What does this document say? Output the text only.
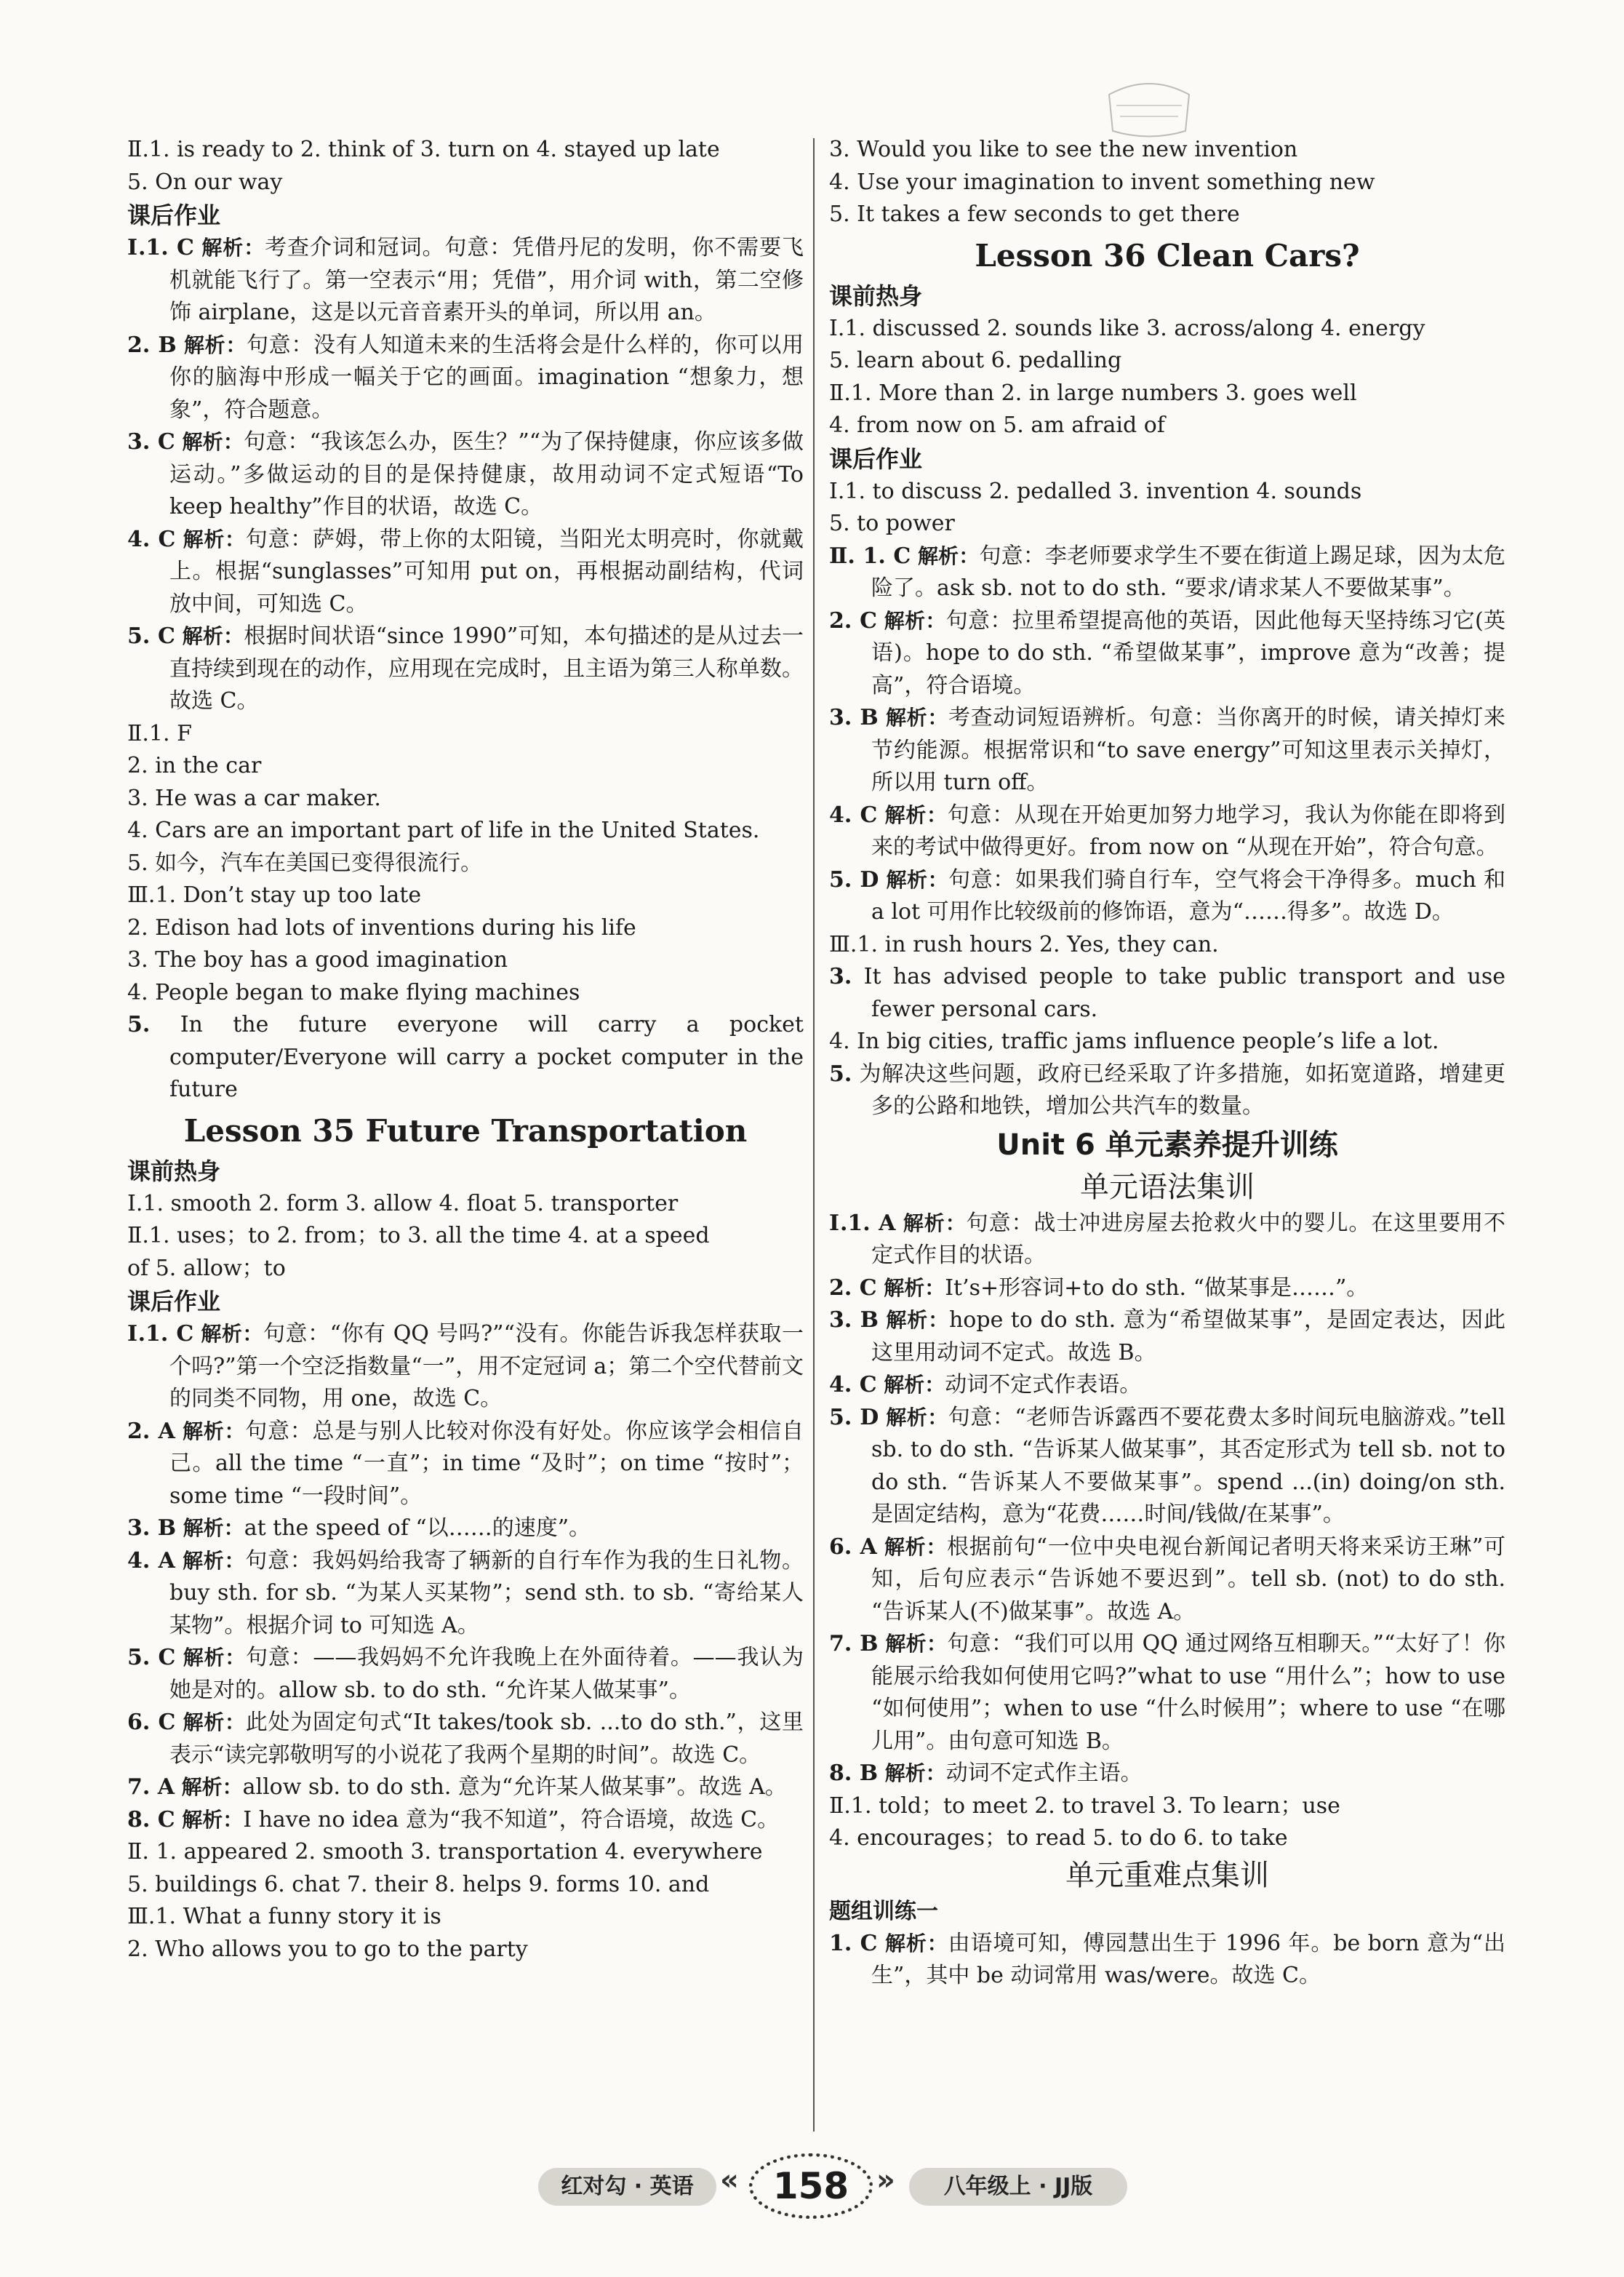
Ⅱ.1. is ready to 2. think of 3. turn on 4. stayed up late
5. On our way
课后作业
Ⅰ.1. C 解析：考查介词和冠词。句意：凭借丹尼的发明，你不需要飞机就能飞行了。第一空表示“用；凭借”，用介词 with，第二空修饰 airplane，这是以元音音素开头的单词，所以用 an。
2. B 解析：句意：没有人知道未来的生活将会是什么样的，你可以用你的脑海中形成一幅关于它的画面。imagination “想象力，想象”，符合题意。
3. C 解析：句意：“我该怎么办，医生？”“为了保持健康，你应该多做运动。”多做运动的目的是保持健康，故用动词不定式短语“To keep healthy”作目的状语，故选 C。
4. C 解析：句意：萨姆，带上你的太阳镜，当阳光太明亮时，你就戴上。根据“sunglasses”可知用 put on，再根据动副结构，代词放中间，可知选 C。
5. C 解析：根据时间状语“since 1990”可知，本句描述的是从过去一直持续到现在的动作，应用现在完成时，且主语为第三人称单数。故选 C。
Ⅱ.1. F
2. in the car
3. He was a car maker.
4. Cars are an important part of life in the United States.
5. 如今，汽车在美国已变得很流行。
Ⅲ.1. Don’t stay up too late
2. Edison had lots of inventions during his life
3. The boy has a good imagination
4. People began to make flying machines
5. In the future everyone will carry a pocket computer/Everyone will carry a pocket computer in the future
Lesson 35 Future Transportation
课前热身
Ⅰ.1. smooth 2. form 3. allow 4. float 5. transporter
Ⅱ.1. uses；to 2. from；to 3. all the time 4. at a speed
of 5. allow；to
课后作业
Ⅰ.1. C 解析：句意：“你有 QQ 号吗?”“没有。你能告诉我怎样获取一个吗?”第一个空泛指数量“一”，用不定冠词 a；第二个空代替前文的同类不同物，用 one，故选 C。
2. A 解析：句意：总是与别人比较对你没有好处。你应该学会相信自己。all the time “一直”；in time “及时”；on time “按时”；some time “一段时间”。
3. B 解析：at the speed of “以……的速度”。
4. A 解析：句意：我妈妈给我寄了辆新的自行车作为我的生日礼物。buy sth. for sb. “为某人买某物”；send sth. to sb. “寄给某人某物”。根据介词 to 可知选 A。
5. C 解析：句意：——我妈妈不允许我晚上在外面待着。——我认为她是对的。allow sb. to do sth. “允许某人做某事”。
6. C 解析：此处为固定句式“It takes/took sb. ...to do sth.”，这里表示“读完郭敬明写的小说花了我两个星期的时间”。故选 C。
7. A 解析：allow sb. to do sth. 意为“允许某人做某事”。故选 A。
8. C 解析：I have no idea 意为“我不知道”，符合语境，故选 C。
Ⅱ. 1. appeared 2. smooth 3. transportation 4. everywhere
5. buildings 6. chat 7. their 8. helps 9. forms 10. and
Ⅲ.1. What a funny story it is
2. Who allows you to go to the party
3. Would you like to see the new invention
4. Use your imagination to invent something new
5. It takes a few seconds to get there
Lesson 36 Clean Cars?
课前热身
Ⅰ.1. discussed 2. sounds like 3. across/along 4. energy
5. learn about 6. pedalling
Ⅱ.1. More than 2. in large numbers 3. goes well
4. from now on 5. am afraid of
课后作业
Ⅰ.1. to discuss 2. pedalled 3. invention 4. sounds
5. to power
Ⅱ. 1. C 解析：句意：李老师要求学生不要在街道上踢足球，因为太危险了。ask sb. not to do sth. “要求/请求某人不要做某事”。
2. C 解析：句意：拉里希望提高他的英语，因此他每天坚持练习它(英语)。hope to do sth. “希望做某事”，improve 意为“改善；提高”，符合语境。
3. B 解析：考查动词短语辨析。句意：当你离开的时候，请关掉灯来节约能源。根据常识和“to save energy”可知这里表示关掉灯，所以用 turn off。
4. C 解析：句意：从现在开始更加努力地学习，我认为你能在即将到来的考试中做得更好。from now on “从现在开始”，符合句意。
5. D 解析：句意：如果我们骑自行车，空气将会干净得多。much 和 a lot 可用作比较级前的修饰语，意为“……得多”。故选 D。
Ⅲ.1. in rush hours 2. Yes, they can.
3. It has advised people to take public transport and use fewer personal cars.
4. In big cities, traffic jams influence people’s life a lot.
5. 为解决这些问题，政府已经采取了许多措施，如拓宽道路，增建更多的公路和地铁，增加公共汽车的数量。
Unit 6 单元素养提升训练
单元语法集训
Ⅰ.1. A 解析：句意：战士冲进房屋去抢救火中的婴儿。在这里要用不定式作目的状语。
2. C 解析：It’s+形容词+to do sth. “做某事是……”。
3. B 解析：hope to do sth. 意为“希望做某事”，是固定表达，因此这里用动词不定式。故选 B。
4. C 解析：动词不定式作表语。
5. D 解析：句意：“老师告诉露西不要花费太多时间玩电脑游戏。”tell sb. to do sth. “告诉某人做某事”，其否定形式为 tell sb. not to do sth. “告诉某人不要做某事”。spend ...(in) doing/on sth. 是固定结构，意为“花费……时间/钱做/在某事”。
6. A 解析：根据前句“一位中央电视台新闻记者明天将来采访王琳”可知，后句应表示“告诉她不要迟到”。tell sb. (not) to do sth. “告诉某人(不)做某事”。故选 A。
7. B 解析：句意：“我们可以用 QQ 通过网络互相聊天。”“太好了！你能展示给我如何使用它吗?”what to use “用什么”；how to use “如何使用”；when to use “什么时候用”；where to use “在哪儿用”。由句意可知选 B。
8. B 解析：动词不定式作主语。
Ⅱ.1. told；to meet 2. to travel 3. To learn；use
4. encourages；to read 5. to do 6. to take
单元重难点集训
题组训练一
1. C 解析：由语境可知，傅园慧出生于 1996 年。be born 意为“出生”，其中 be 动词常用 was/were。故选 C。
红对勾 · 英语 « 158 »	八年级上 · JJ版
